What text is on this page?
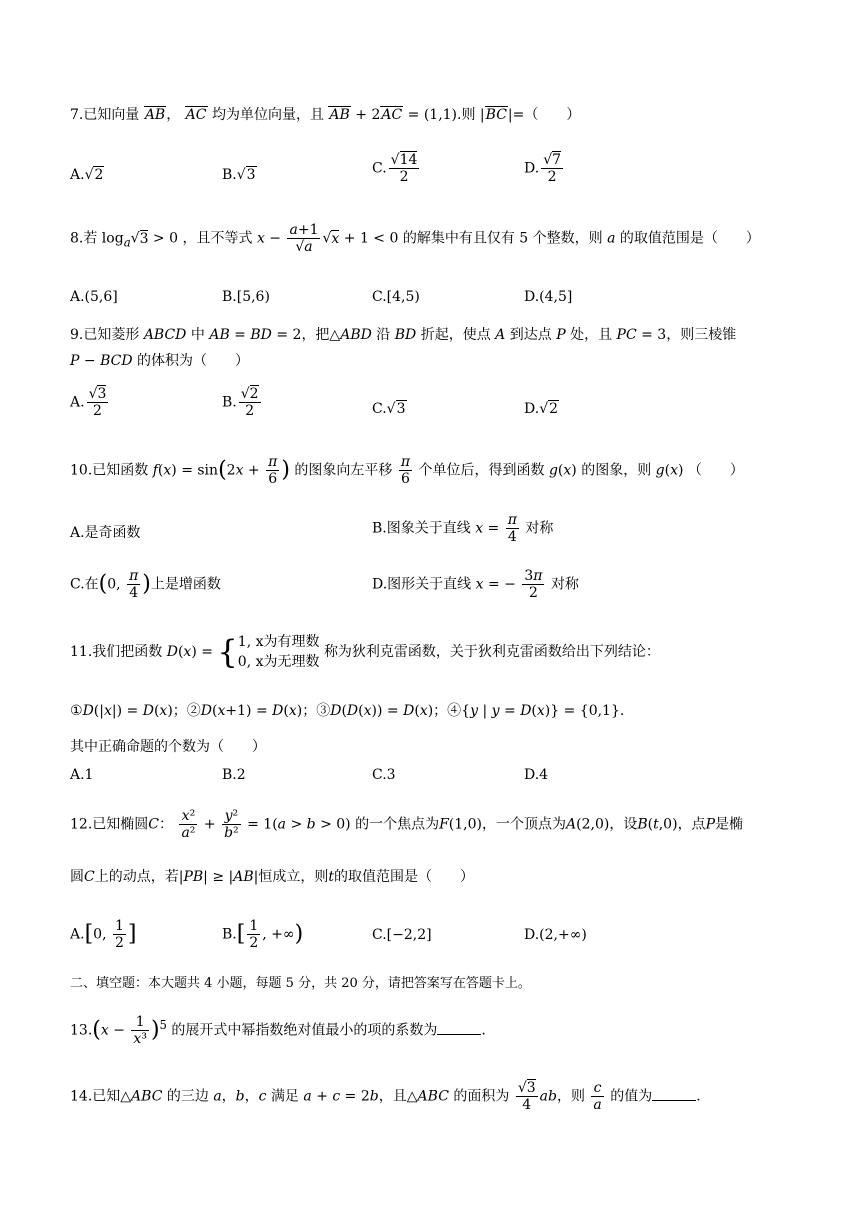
7.已知向量 AB， AC 均为单位向量，且 AB + 2AC = (1,1).则 |BC|=（　　）
A.√2	B.√3	C. $\frac{√14}{2}$	D. $\frac{√7}{2}$
8.若 $\log_a√3 > 0$ ，且不等式 $x - \frac{a+1}{√a} √x + 1 < 0$ 的解集中有且仅有 5 个整数，则 a 的取值范围是（　　）
A.(5,6]	B.[5,6)	C.[4,5)	D.(4,5]
9.已知菱形 ABCD 中 AB = BD = 2，把△ABD 沿 BD 折起，使点 A 到达点 P 处，且 PC = 3，则三棱锥
P − BCD 的体积为（　　）
A. $\frac{√3}{2}$	B. $\frac{√2}{2}$	C.√3	D.√2
10.已知函数 $f(x) = \sin(2x + \frac{\pi}{6}$ ) 的图象向左平移 $\frac{\pi}{6}$ 个单位后，得到函数 g(x) 的图象，则 g(x) （　　）
A.是奇函数	B.图象关于直线 $x = \frac{\pi}{4}$ 对称
C.在(0, $\frac{\pi}{4}$ )上是增函数	D.图形关于直线 x = − $\frac{3\pi}{2}$ 对称
11.我们把函数 D(x) = { 1, x为有理数
0, x为无理数
称为狄利克雷函数，关于狄利克雷函数给出下列结论：
①D(|x|) = D(x)；②D(x+1) = D(x)；③D(D(x)) = D(x)；④{y | y = D(x)} = {0,1}.
其中正确命题的个数为（　　）
A.1	B.2	C.3	D.4
12.已知椭圆C： $\frac{\text{x²}}{\text{a²}} + \frac{\text{y²}}{\text{b²}} = 1(a > b > 0)$ 的一个焦点为F(1,0)，一个顶点为A(2,0)，设B(t,0)，点P是椭
圆C上的动点，若|PB| ≥ |AB|恒成立，则t的取值范围是（　　）
A.[0, $\frac{1}{2}$ ]	$B.[ \frac{1}{2}$ , +∞)	C.[−2,2]	D.(2,+∞)
二、填空题：本大题共 4 小题，每题 5 分，共 20 分，请把答案写在答题卡上。
$13.(x - \frac{1}{\text{x³}} )^5$ 的展开式中幂指数绝对值最小的项的系数为	.
14.已知△ABC 的三边 a，b，c 满足 a + c = 2b，且△ABC 的面积为 $\frac{√3}{4}$ ab，则 $\frac{c}{a}$ 的值为	.
